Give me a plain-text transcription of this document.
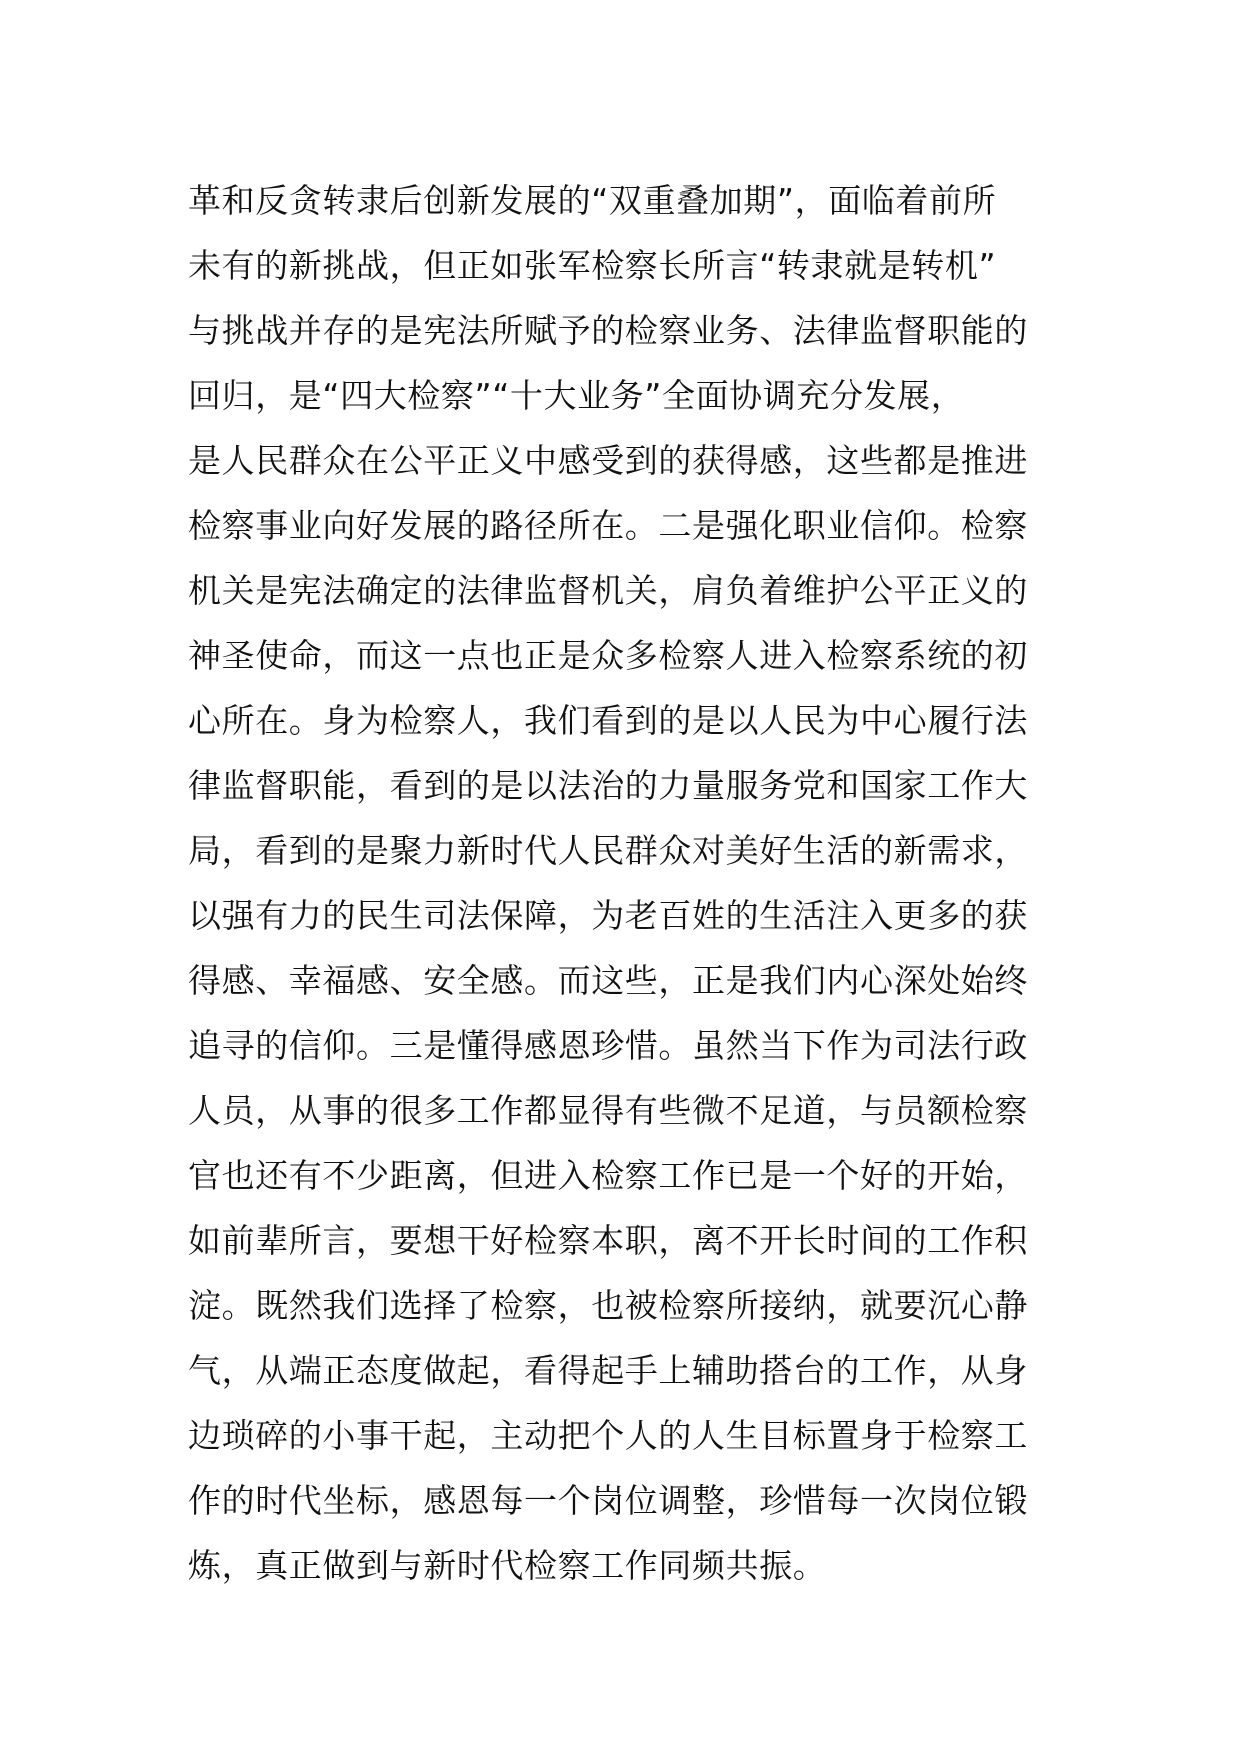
革和反贪转隶后创新发展的“双重叠加期”，面临着前所
未有的新挑战，但正如张军检察长所言“转隶就是转机”
与挑战并存的是宪法所赋予的检察业务、法律监督职能的
回归，是“四大检察”“十大业务”全面协调充分发展，
是人民群众在公平正义中感受到的获得感，这些都是推进
检察事业向好发展的路径所在。二是强化职业信仰。检察
机关是宪法确定的法律监督机关，肩负着维护公平正义的
神圣使命，而这一点也正是众多检察人进入检察系统的初
心所在。身为检察人，我们看到的是以人民为中心履行法
律监督职能，看到的是以法治的力量服务党和国家工作大
局，看到的是聚力新时代人民群众对美好生活的新需求，
以强有力的民生司法保障，为老百姓的生活注入更多的获
得感、幸福感、安全感。而这些，正是我们内心深处始终
追寻的信仰。三是懂得感恩珍惜。虽然当下作为司法行政
人员，从事的很多工作都显得有些微不足道，与员额检察
官也还有不少距离，但进入检察工作已是一个好的开始，
如前辈所言，要想干好检察本职，离不开长时间的工作积
淀。既然我们选择了检察，也被检察所接纳，就要沉心静
气，从端正态度做起，看得起手上辅助搭台的工作，从身
边琐碎的小事干起，主动把个人的人生目标置身于检察工
作的时代坐标，感恩每一个岗位调整，珍惜每一次岗位锻
炼，真正做到与新时代检察工作同频共振。
